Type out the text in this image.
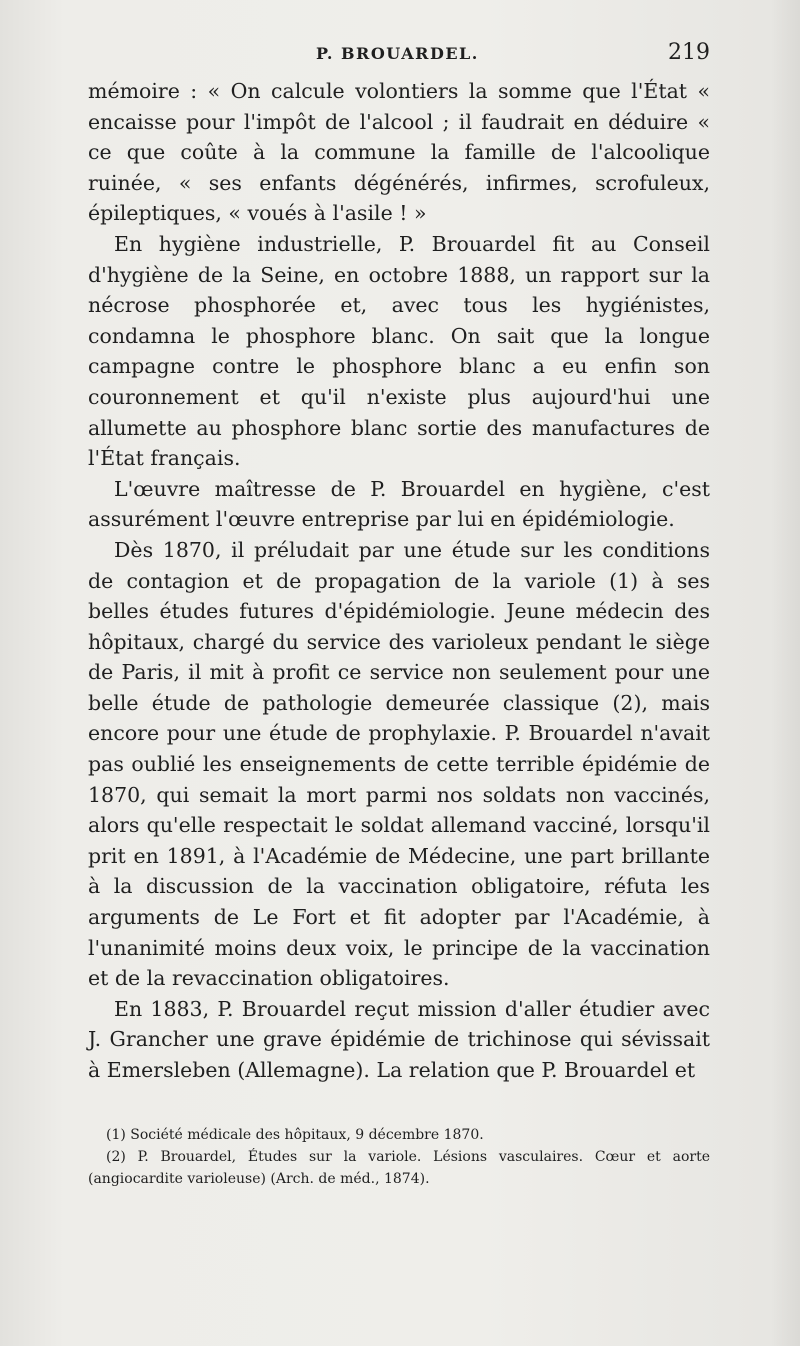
P. BROUARDEL.	219

mémoire : « On calcule volontiers la somme que l'État « encaisse pour l'impôt de l'alcool ; il faudrait en déduire « ce que coûte à la commune la famille de l'alcoolique ruinée, « ses enfants dégénérés, infirmes, scrofuleux, épileptiques, « voués à l'asile ! »

En hygiène industrielle, P. Brouardel fit au Conseil d'hygiène de la Seine, en octobre 1888, un rapport sur la nécrose phosphorée et, avec tous les hygiénistes, condamna le phosphore blanc. On sait que la longue campagne contre le phosphore blanc a eu enfin son couronnement et qu'il n'existe plus aujourd'hui une allumette au phosphore blanc sortie des manufactures de l'État français.

L'œuvre maîtresse de P. Brouardel en hygiène, c'est assurément l'œuvre entreprise par lui en épidémiologie.

Dès 1870, il préludait par une étude sur les conditions de contagion et de propagation de la variole (1) à ses belles études futures d'épidémiologie. Jeune médecin des hôpitaux, chargé du service des varioleux pendant le siège de Paris, il mit à profit ce service non seulement pour une belle étude de pathologie demeurée classique (2), mais encore pour une étude de prophylaxie. P. Brouardel n'avait pas oublié les enseignements de cette terrible épidémie de 1870, qui semait la mort parmi nos soldats non vaccinés, alors qu'elle respectait le soldat allemand vacciné, lorsqu'il prit en 1891, à l'Académie de Médecine, une part brillante à la discussion de la vaccination obligatoire, réfuta les arguments de Le Fort et fit adopter par l'Académie, à l'unanimité moins deux voix, le principe de la vaccination et de la revaccination obligatoires.

En 1883, P. Brouardel reçut mission d'aller étudier avec J. Grancher une grave épidémie de trichinose qui sévissait à Emersleben (Allemagne). La relation que P. Brouardel et

(1) Société médicale des hôpitaux, 9 décembre 1870.

(2) P. Brouardel, Études sur la variole. Lésions vasculaires. Cœur et aorte (angiocardite varioleuse) (Arch. de méd., 1874).
